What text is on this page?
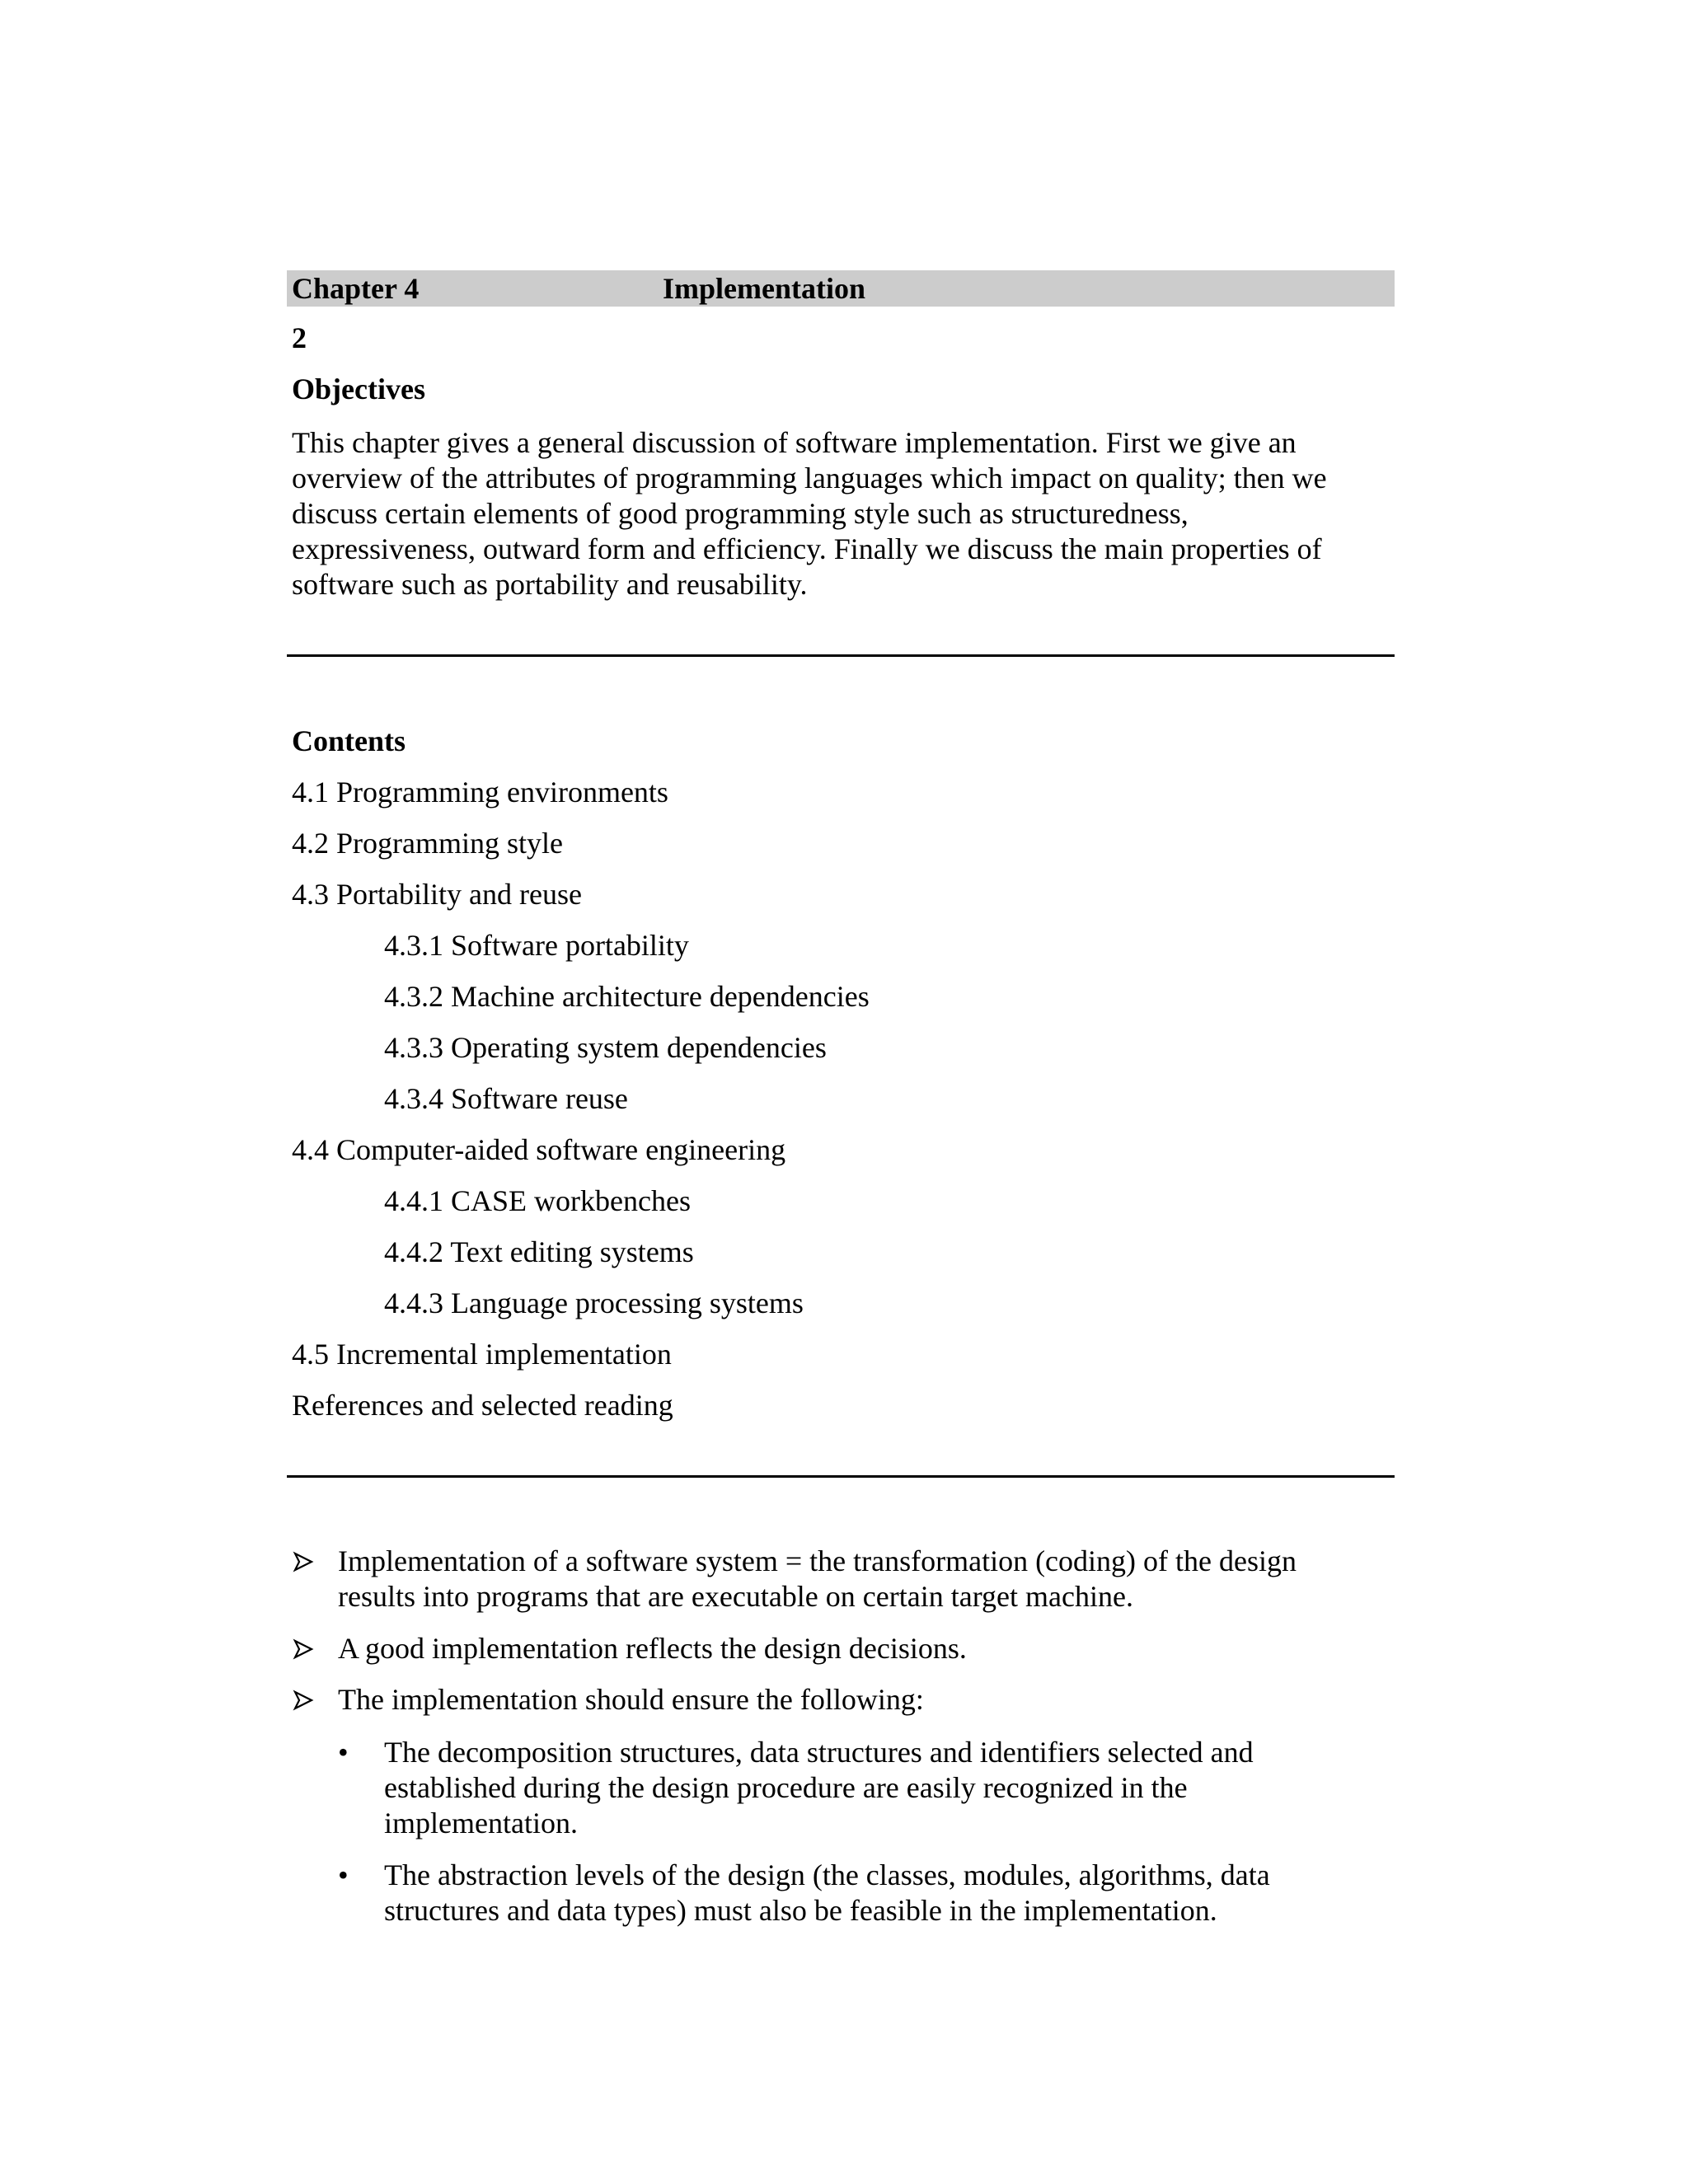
Chapter 4	Implementation
2
Objectives
This chapter gives a general discussion of software implementation. First we give an
overview of the attributes of programming languages which impact on quality; then we
discuss certain elements of good programming style such as structuredness,
expressiveness, outward form and efficiency. Finally we discuss the main properties of
software such as portability and reusability.
Contents
4.1 Programming environments
4.2 Programming style
4.3 Portability and reuse
4.3.1 Software portability
4.3.2 Machine architecture dependencies
4.3.3 Operating system dependencies
4.3.4 Software reuse
4.4 Computer-aided software engineering
4.4.1 CASE workbenches
4.4.2 Text editing systems
4.4.3 Language processing systems
4.5 Incremental implementation
References and selected reading
Implementation of a software system = the transformation (coding) of the design
results into programs that are executable on certain target machine.
A good implementation reflects the design decisions.
The implementation should ensure the following:
• The decomposition structures, data structures and identifiers selected and
established during the design procedure are easily recognized in the
implementation.
• The abstraction levels of the design (the classes, modules, algorithms, data
structures and data types) must also be feasible in the implementation.
